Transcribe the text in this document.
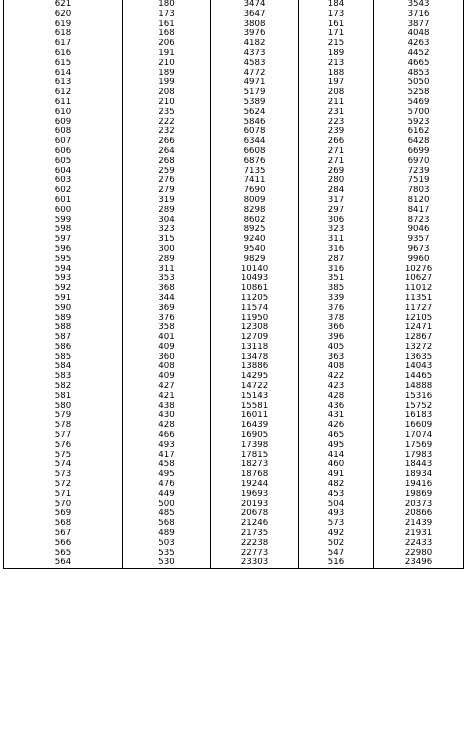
621	180	3474	184	3543
620	173	3647	173	3716
619	161	3808	161	3877
618	168	3976	171	4048
617	206	4182	215	4263
616	191	4373	189	4452
615	210	4583	213	4665
614	189	4772	188	4853
613	199	4971	197	5050
612	208	5179	208	5258
611	210	5389	211	5469
610	235	5624	231	5700
609	222	5846	223	5923
608	232	6078	239	6162
607	266	6344	266	6428
606	264	6608	271	6699
605	268	6876	271	6970
604	259	7135	269	7239
603	276	7411	280	7519
602	279	7690	284	7803
601	319	8009	317	8120
600	289	8298	297	8417
599	304	8602	306	8723
598	323	8925	323	9046
597	315	9240	311	9357
596	300	9540	316	9673
595	289	9829	287	9960
594	311	10140	316	10276
593	353	10493	351	10627
592	368	10861	385	11012
591	344	11205	339	11351
590	369	11574	376	11727
589	376	11950	378	12105
588	358	12308	366	12471
587	401	12709	396	12867
586	409	13118	405	13272
585	360	13478	363	13635
584	408	13886	408	14043
583	409	14295	422	14465
582	427	14722	423	14888
581	421	15143	428	15316
580	438	15581	436	15752
579	430	16011	431	16183
578	428	16439	426	16609
577	466	16905	465	17074
576	493	17398	495	17569
575	417	17815	414	17983
574	458	18273	460	18443
573	495	18768	491	18934
572	476	19244	482	19416
571	449	19693	453	19869
570	500	20193	504	20373
569	485	20678	493	20866
568	568	21246	573	21439
567	489	21735	492	21931
566	503	22238	502	22433
565	535	22773	547	22980
564	530	23303	516	23496
